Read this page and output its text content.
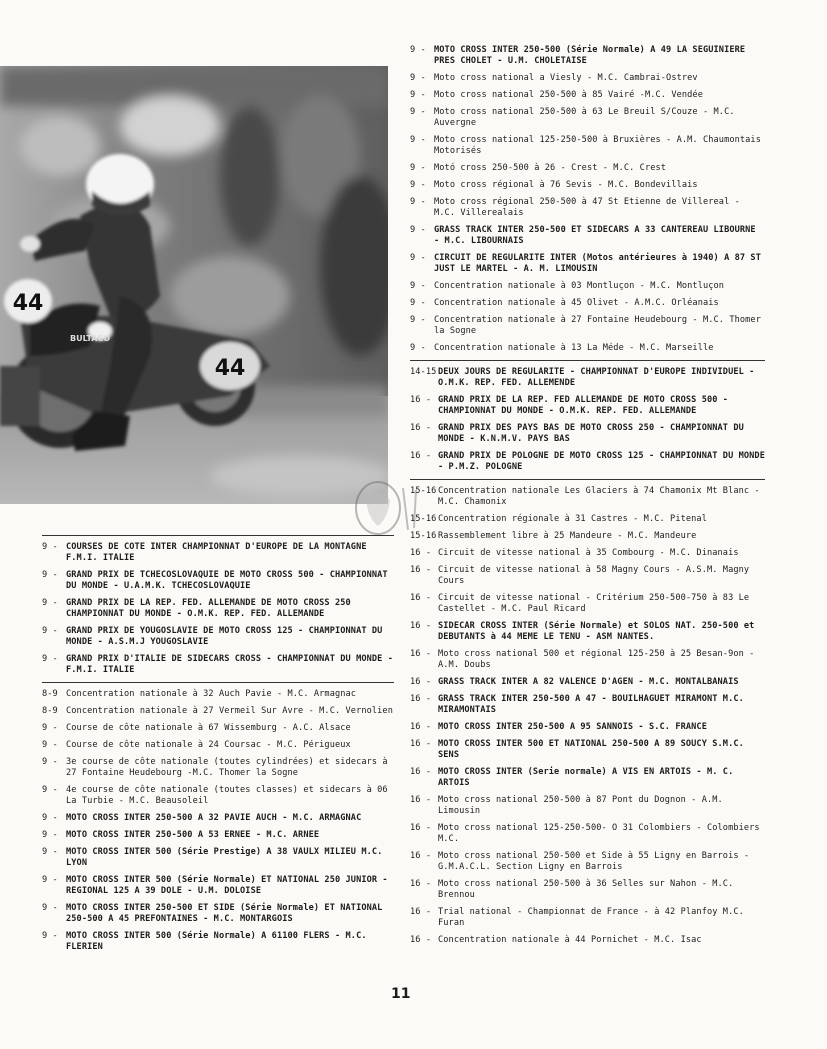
44
44
BULTACO
9 - COURSES DE COTE INTER CHAMPIONNAT D'EUROPE DE LA MONTAGNE F.M.I. ITALIE
9 - GRAND PRIX DE TCHECOSLOVAQUIE DE MOTO CROSS 500 - CHAMPIONNAT DU MONDE - U.A.M.K. TCHECOSLOVAQUIE
9 - GRAND PRIX DE LA REP. FED. ALLEMANDE DE MOTO CROSS 250 CHAMPIONNAT DU MONDE - O.M.K. REP. FED. ALLEMANDE
9 - GRAND PRIX DE YOUGOSLAVIE DE MOTO CROSS 125 - CHAMPIONNAT DU MONDE - A.S.M.J YOUGOSLAVIE
9 - GRAND PRIX D'ITALIE DE SIDECARS CROSS - CHAMPIONNAT DU MONDE - F.M.I. ITALIE
8-9 Concentration nationale à 32 Auch Pavie - M.C. Armagnac
8-9 Concentration nationale à 27 Vermeil Sur Avre - M.C. Vernolien
9 - Course de côte nationale à 67 Wissemburg - A.C. Alsace
9 - Course de côte nationale à 24 Coursac - M.C. Périgueux
9 - 3e course de côte nationale (toutes cylindrées) et sidecars à 27 Fontaine Heudebourg -M.C. Thomer la Sogne
9 - 4e course de côte nationale (toutes classes) et sidecars à 06 La Turbie - M.C. Beausoleil
9 - MOTO CROSS INTER 250-500 A 32 PAVIE AUCH - M.C. ARMAGNAC
9 - MOTO CROSS INTER 250-500 A 53 ERNEE - M.C. ARNEE
9 - MOTO CROSS INTER 500 (Série Prestige) A 38 VAULX MILIEU M.C. LYON
9 - MOTO CROSS INTER 500 (Série Normale) ET NATIONAL 250 JUNIOR - REGIONAL 125 A 39 DOLE - U.M. DOLOISE
9 - MOTO CROSS INTER 250-500 ET SIDE (Série Normale) ET NATIONAL 250-500 A 45 PREFONTAINES - M.C. MONTARGOIS
9 - MOTO CROSS INTER 500 (Série Normale) A 61100 FLERS - M.C. FLERIEN
9 - MOTO CROSS INTER 250-500 (Série Normale) A 49 LA SEGUINIERE PRES CHOLET - U.M. CHOLETAISE
9 - Moto cross national a Viesly - M.C. Cambrai-Ostrev
9 - Moto cross national 250-500 à 85 Vairé -M.C. Vendée
9 - Moto cross national 250-500 à 63 Le Breuil S/Couze - M.C. Auvergne
9 - Moto cross national 125-250-500 à Bruxières - A.M. Chaumontais Motorisés
9 - Motó cross 250-500 à 26 - Crest - M.C. Crest
9 - Moto cross régional à 76 Sevis - M.C. Bondevillais
9 - Moto cross régional 250-500 à 47 St Etienne de Villereal - M.C. Villerealais
9 - GRASS TRACK INTER 250-500 ET SIDECARS A 33 CANTEREAU LIBOURNE - M.C. LIBOURNAIS
9 - CIRCUIT DE REGULARITE INTER (Motos antérieures à 1940) A 87 ST JUST LE MARTEL - A. M. LIMOUSIN
9 - Concentration nationale à 03 Montluçon - M.C. Montluçon
9 - Concentration nationale à 45 Olivet - A.M.C. Orléanais
9 - Concentration nationale à 27 Fontaine Heudebourg - M.C. Thomer la Sogne
9 - Concentration nationale à 13 La Méde - M.C. Marseille
14-15 DEUX JOURS DE REGULARITE - CHAMPIONNAT D'EUROPE INDIVIDUEL - O.M.K. REP. FED. ALLEMENDE
16 - GRAND PRIX DE LA REP. FED ALLEMANDE DE MOTO CROSS 500 - CHAMPIONNAT DU MONDE - O.M.K. REP. FED. ALLEMANDE
16 - GRAND PRIX DES PAYS BAS DE MOTO CROSS 250 - CHAMPIONNAT DU MONDE - K.N.M.V. PAYS BAS
16 - GRAND PRIX DE POLOGNE DE MOTO CROSS 125 - CHAMPIONNAT DU MONDE - P.M.Z. POLOGNE
15-16 Concentration nationale Les Glaciers à 74 Chamonix Mt Blanc - M.C. Chamonix
15-16 Concentration régionale à 31 Castres - M.C. Pitenal
15-16 Rassemblement libre à 25 Mandeure - M.C. Mandeure
16 - Circuit de vitesse national à 35 Combourg - M.C. Dinanais
16 - Circuit de vitesse national à 58 Magny Cours - A.S.M. Magny Cours
16 - Circuit de vitesse national - Critérium 250-500-750 à 83 Le Castellet - M.C. Paul Ricard
16 - SIDECAR CROSS INTER (Série Normale) et SOLOS NAT. 250-500 et DEBUTANTS à 44 MEME LE TENU - ASM NANTES.
16 - Moto cross national 500 et régional 125-250 à 25 Besan-9on - A.M. Doubs
16 - GRASS TRACK INTER A 82 VALENCE D'AGEN - M.C. MONTALBANAIS
16 - GRASS TRACK INTER 250-500 A 47 - BOUILHAGUET MIRAMONT M.C. MIRAMONTAIS
16 - MOTO CROSS INTER 250-500 A 95 SANNOIS - S.C. FRANCE
16 - MOTO CROSS INTER 500 ET NATIONAL 250-500 A 89 SOUCY S.M.C. SENS
16 - MOTO CROSS INTER (Serie normale) A VIS EN ARTOIS - M. C. ARTOIS
16 - Moto cross national 250-500 à 87 Pont du Dognon - A.M. Limousin
16 - Moto cross national 125-250-500- O 31 Colombiers - Colombiers M.C.
16 - Moto cross national 250-500 et Side à 55 Ligny en Barrois - G.M.A.C.L. Section Ligny en Barrois
16 - Moto cross national 250-500 à 36 Selles sur Nahon - M.C. Brennou
16 - Trial national - Championnat de France - à 42 Planfoy M.C. Furan
16 - Concentration nationale à 44 Pornichet - M.C. Isac
11
